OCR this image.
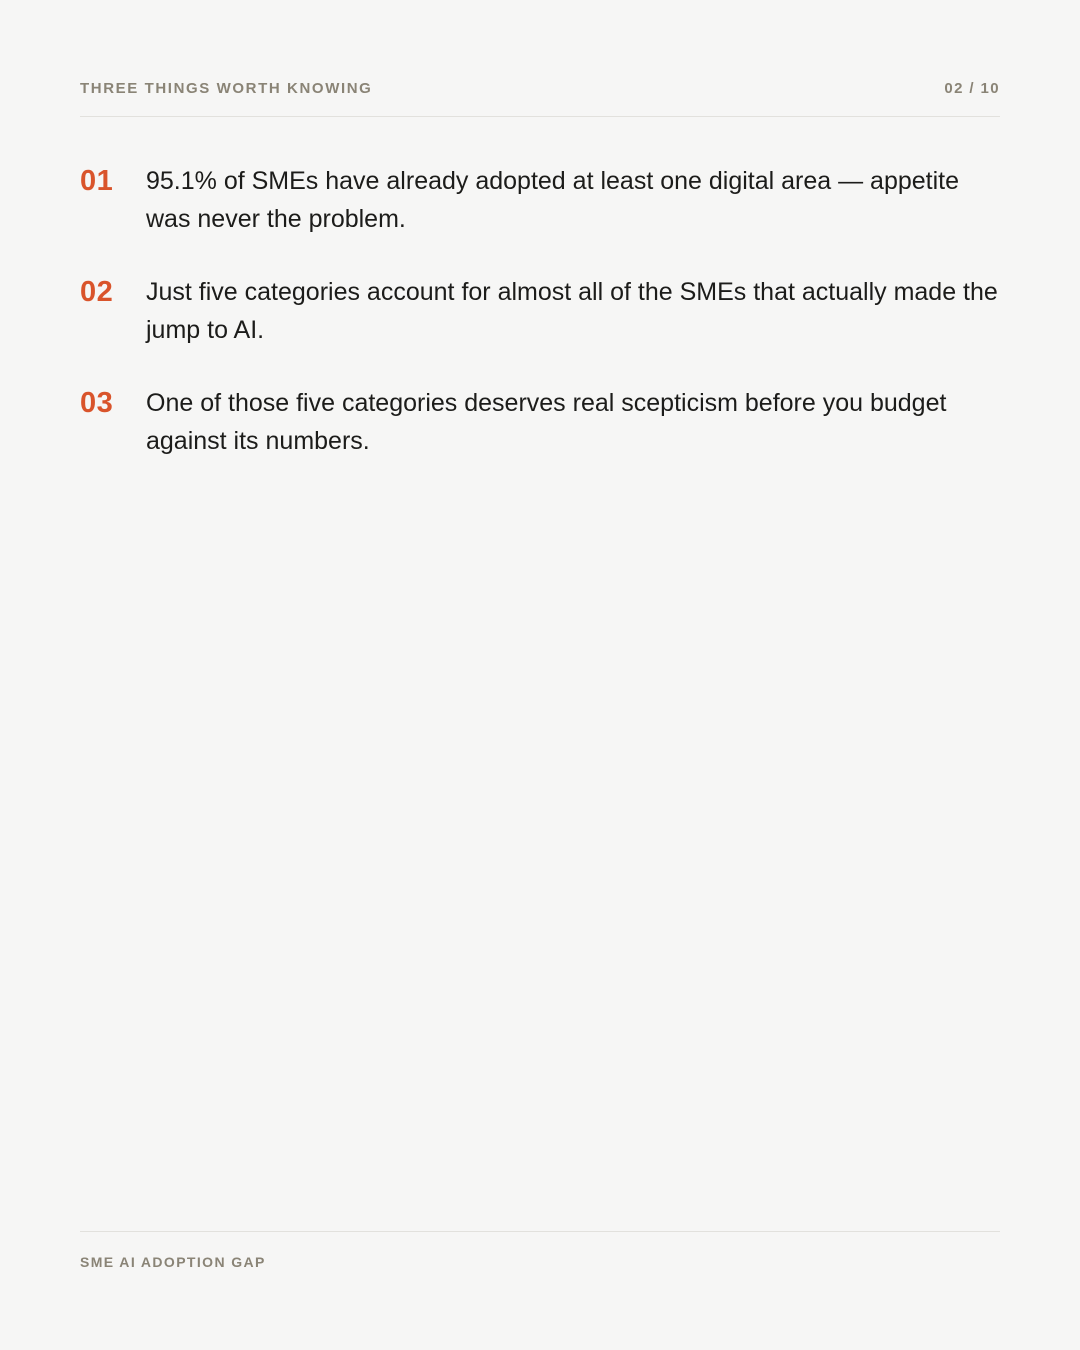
THREE THINGS WORTH KNOWING	02 / 10
01 95.1% of SMEs have already adopted at least one digital area — appetite was never the problem.

02 Just five categories account for almost all of the SMEs that actually made the jump to AI.

03 One of those five categories deserves real scepticism before you budget against its numbers.

SME AI ADOPTION GAP
